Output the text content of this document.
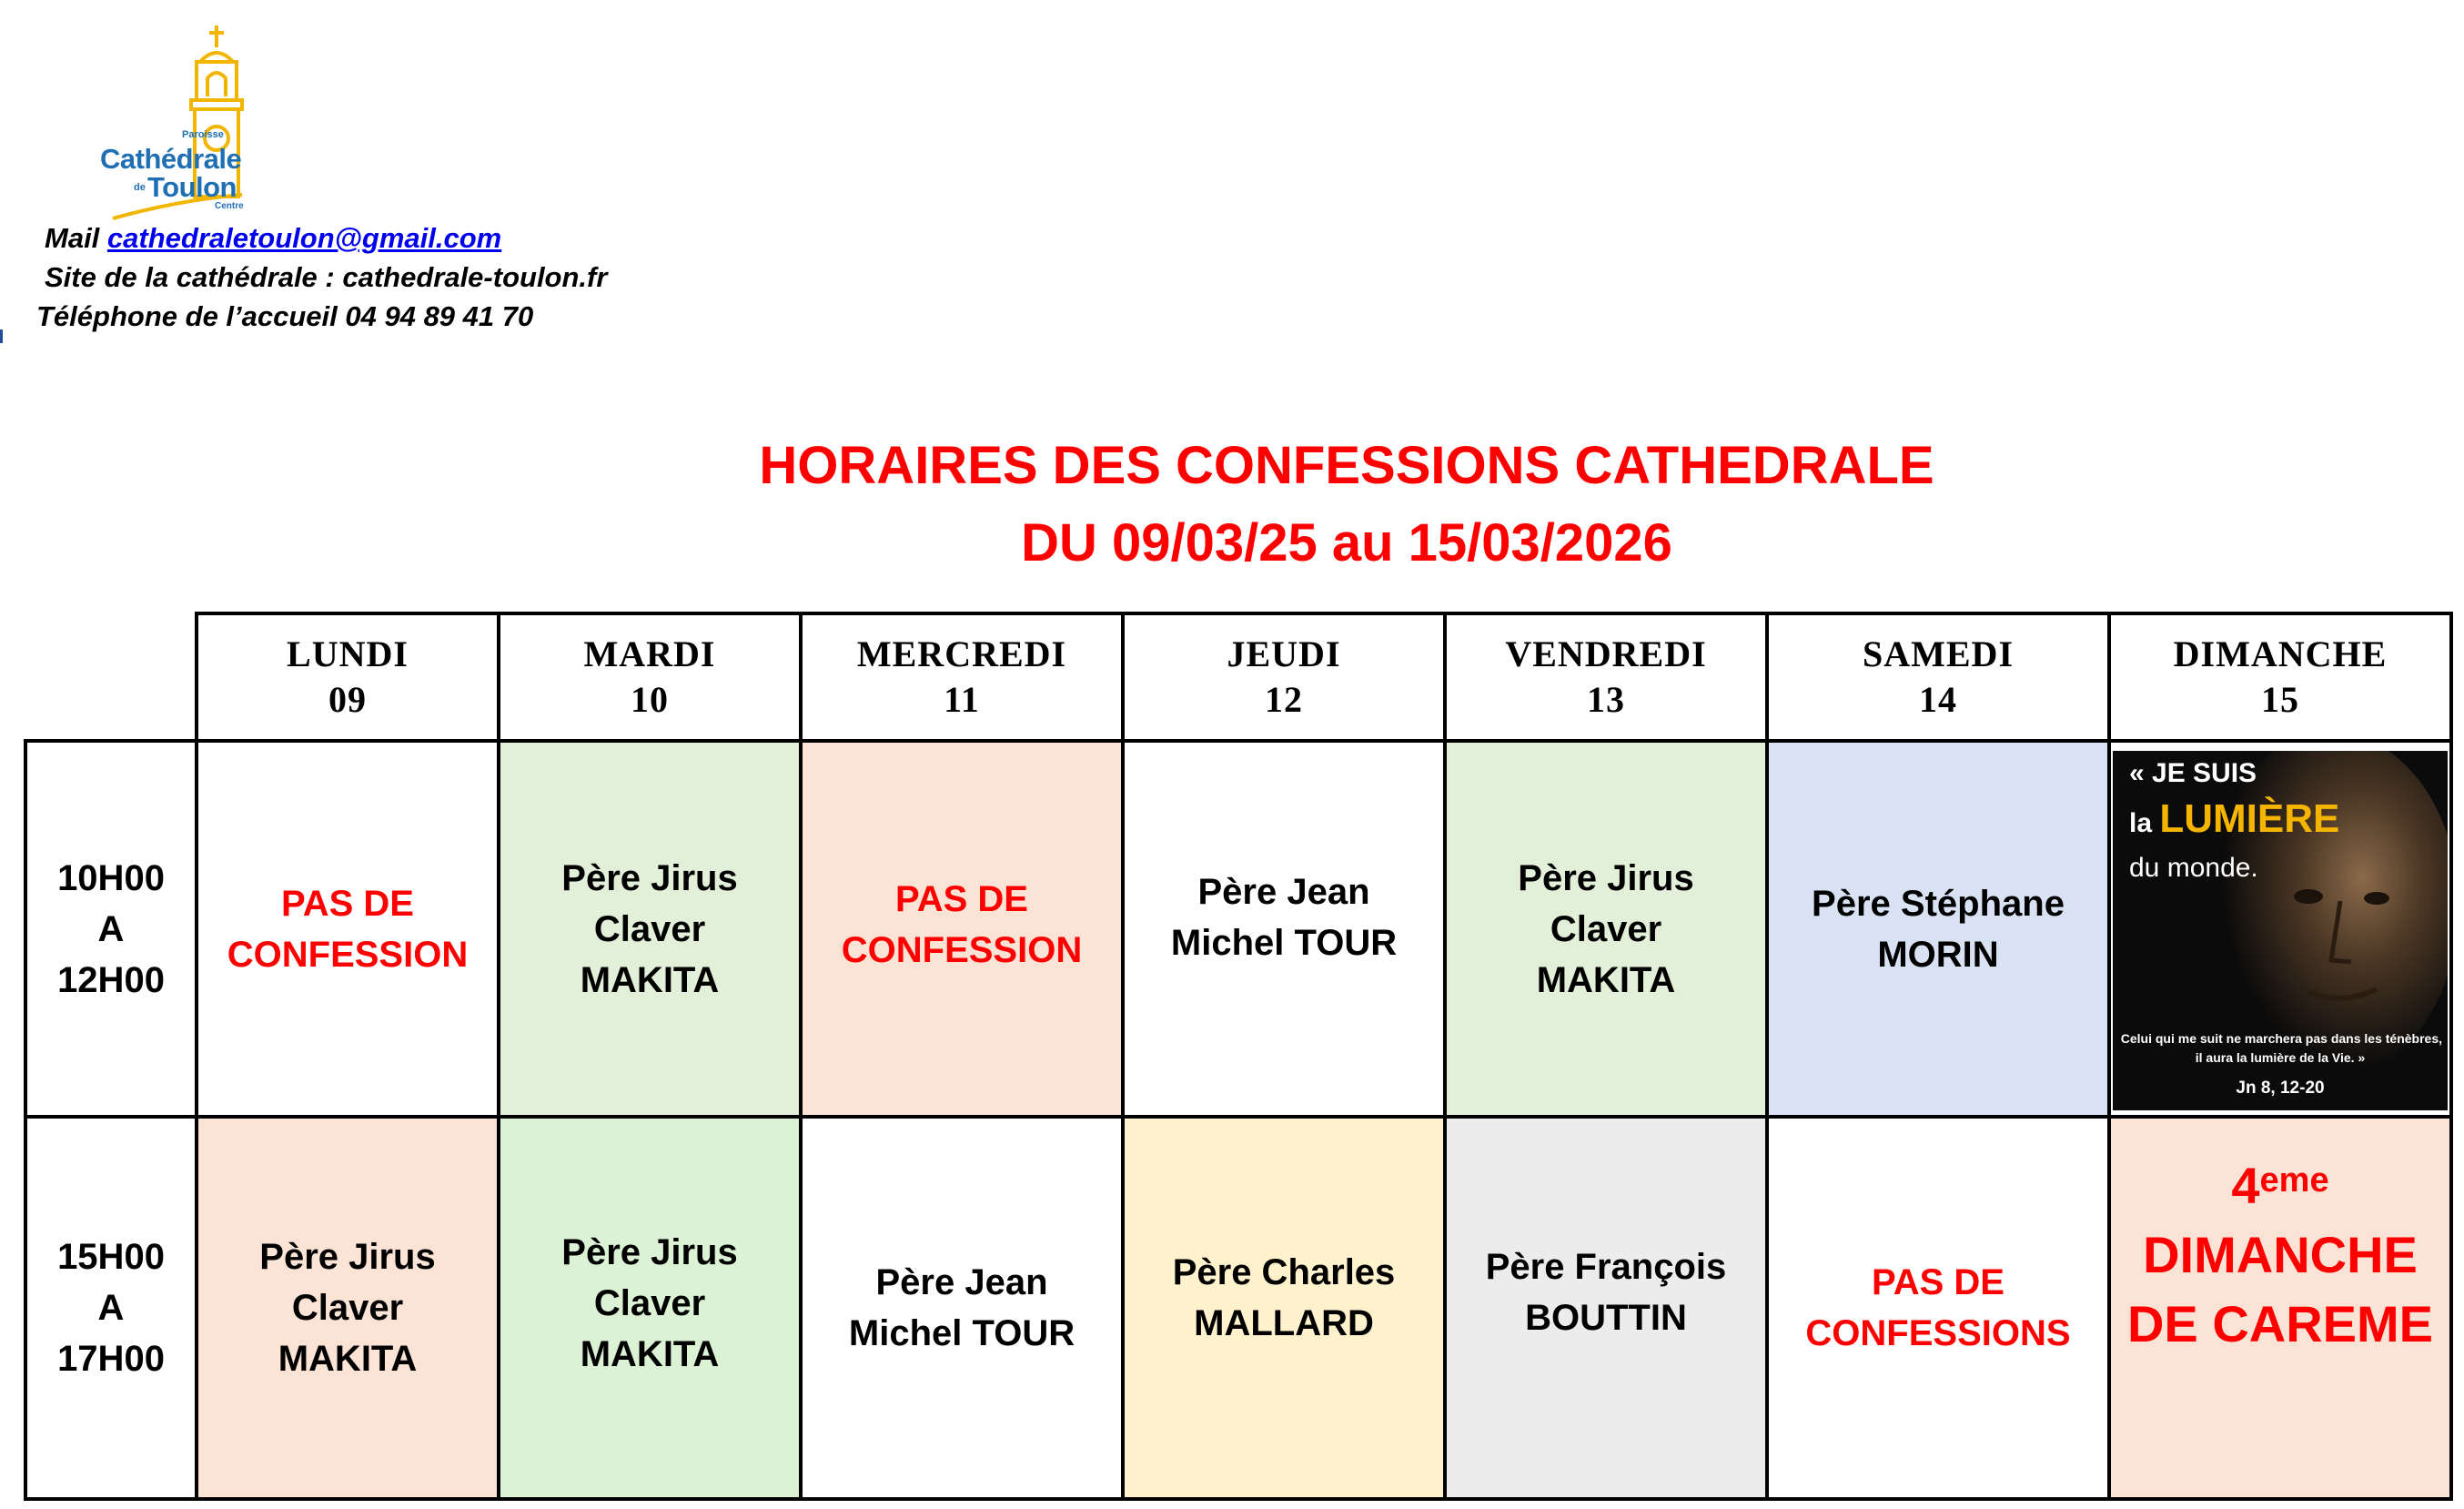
Paroisse
Cathédrale
de Toulon
Centre
Mail cathedraletoulon@gmail.com
Site de la cathédrale : cathedrale-toulon.fr
Téléphone de l’accueil 04 94 89 41 70
HORAIRES DES CONFESSIONS CATHEDRALE
DU 09/03/25 au 15/03/2026
LUNDI
09
MARDI
10
MERCREDI
11
JEUDI
12
VENDREDI
13
SAMEDI
14
DIMANCHE
15
10H00
A
12H00
15H00
A
17H00
PAS DE
CONFESSION
Père Jirus
Claver
MAKITA
PAS DE
CONFESSION
Père Jean
Michel TOUR
Père Jirus
Claver
MAKITA
Père Stéphane
MORIN
« JE SUIS
la LUMIÈRE
du monde.
Celui qui me suit ne marchera pas dans les ténèbres,
il aura la lumière de la Vie. »
Jn 8, 12-20
Père Jirus
Claver
MAKITA
Père Jirus
Claver
MAKITA
Père Jean
Michel TOUR
Père Charles
MALLARD
Père François
BOUTTIN
PAS DE
CONFESSIONS
4eme
DIMANCHE
DE CAREME
